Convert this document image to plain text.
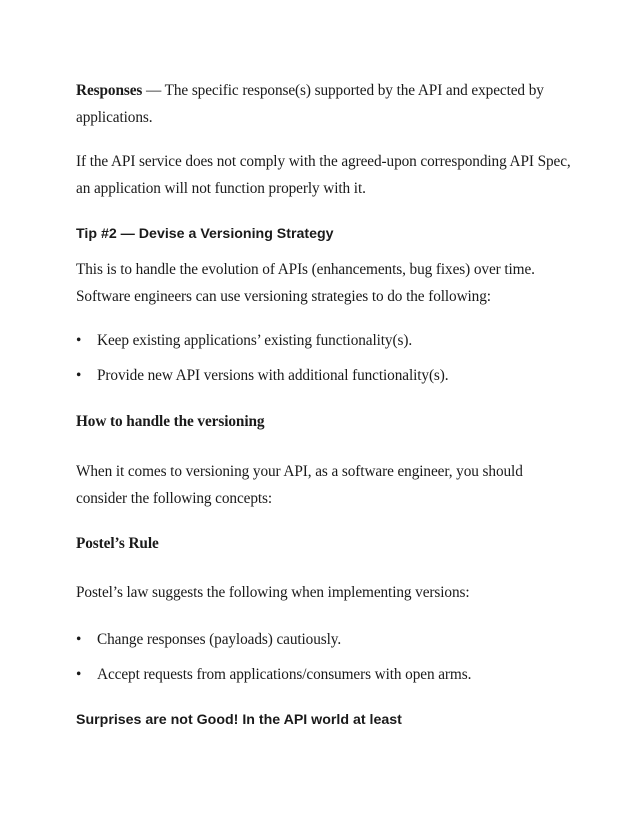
Responses — The specific response(s) supported by the API and expected by applications.

If the API service does not comply with the agreed-upon corresponding API Spec, an application will not function properly with it.

Tip #2 — Devise a Versioning Strategy

This is to handle the evolution of APIs (enhancements, bug fixes) over time. Software engineers can use versioning strategies to do the following:

•	Keep existing applications’ existing functionality(s).
•	Provide new API versions with additional functionality(s).

How to handle the versioning

When it comes to versioning your API, as a software engineer, you should consider the following concepts:

Postel’s Rule

Postel’s law suggests the following when implementing versions:

•	Change responses (payloads) cautiously.
•	Accept requests from applications/consumers with open arms.

Surprises are not Good! In the API world at least
